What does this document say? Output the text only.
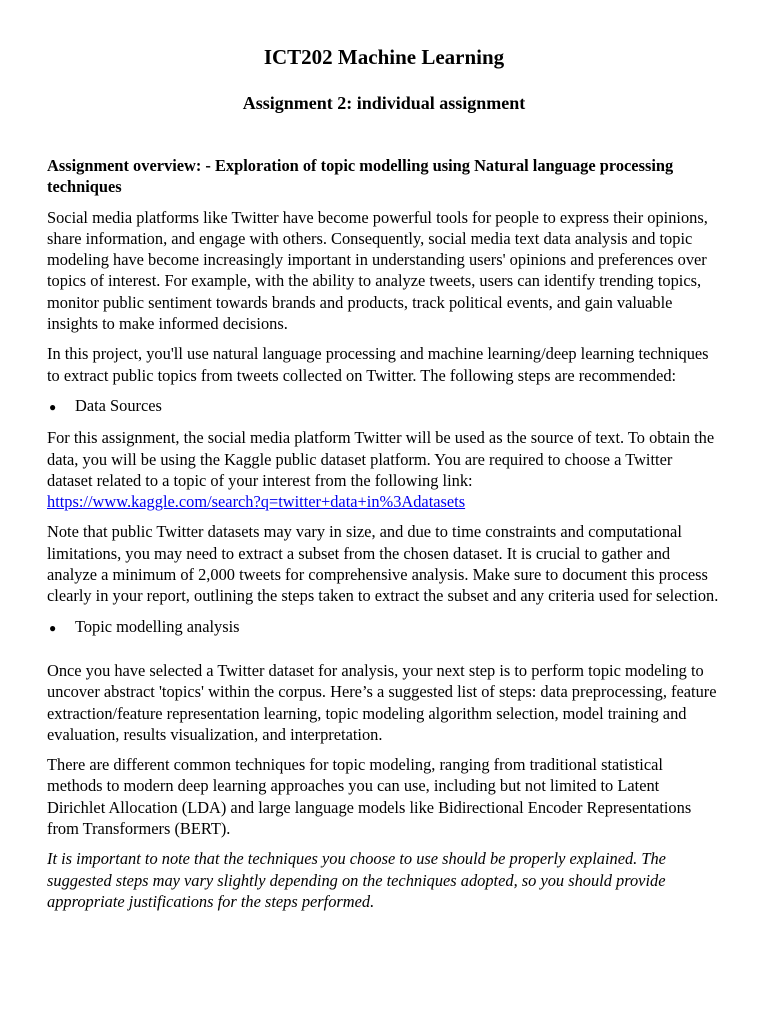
ICT202 Machine Learning
Assignment 2: individual assignment

Assignment overview: - Exploration of topic modelling using Natural language processing techniques

Social media platforms like Twitter have become powerful tools for people to express their opinions, share information, and engage with others. Consequently, social media text data analysis and topic modeling have become increasingly important in understanding users' opinions and preferences over topics of interest. For example, with the ability to analyze tweets, users can identify trending topics, monitor public sentiment towards brands and products, track political events, and gain valuable insights to make informed decisions.

In this project, you'll use natural language processing and machine learning/deep learning techniques to extract public topics from tweets collected on Twitter. The following steps are recommended:

●	Data Sources

For this assignment, the social media platform Twitter will be used as the source of text. To obtain the data, you will be using the Kaggle public dataset platform. You are required to choose a Twitter dataset related to a topic of your interest from the following link:
https://www.kaggle.com/search?q=twitter+data+in%3Adatasets

Note that public Twitter datasets may vary in size, and due to time constraints and computational limitations, you may need to extract a subset from the chosen dataset. It is crucial to gather and analyze a minimum of 2,000 tweets for comprehensive analysis. Make sure to document this process clearly in your report, outlining the steps taken to extract the subset and any criteria used for selection.

●	Topic modelling analysis

Once you have selected a Twitter dataset for analysis, your next step is to perform topic modeling to uncover abstract 'topics' within the corpus. Here’s a suggested list of steps: data preprocessing, feature extraction/feature representation learning, topic modeling algorithm selection, model training and evaluation, results visualization, and interpretation.

There are different common techniques for topic modeling, ranging from traditional statistical methods to modern deep learning approaches you can use, including but not limited to Latent Dirichlet Allocation (LDA) and large language models like Bidirectional Encoder Representations from Transformers (BERT).

It is important to note that the techniques you choose to use should be properly explained. The suggested steps may vary slightly depending on the techniques adopted, so you should provide appropriate justifications for the steps performed.
